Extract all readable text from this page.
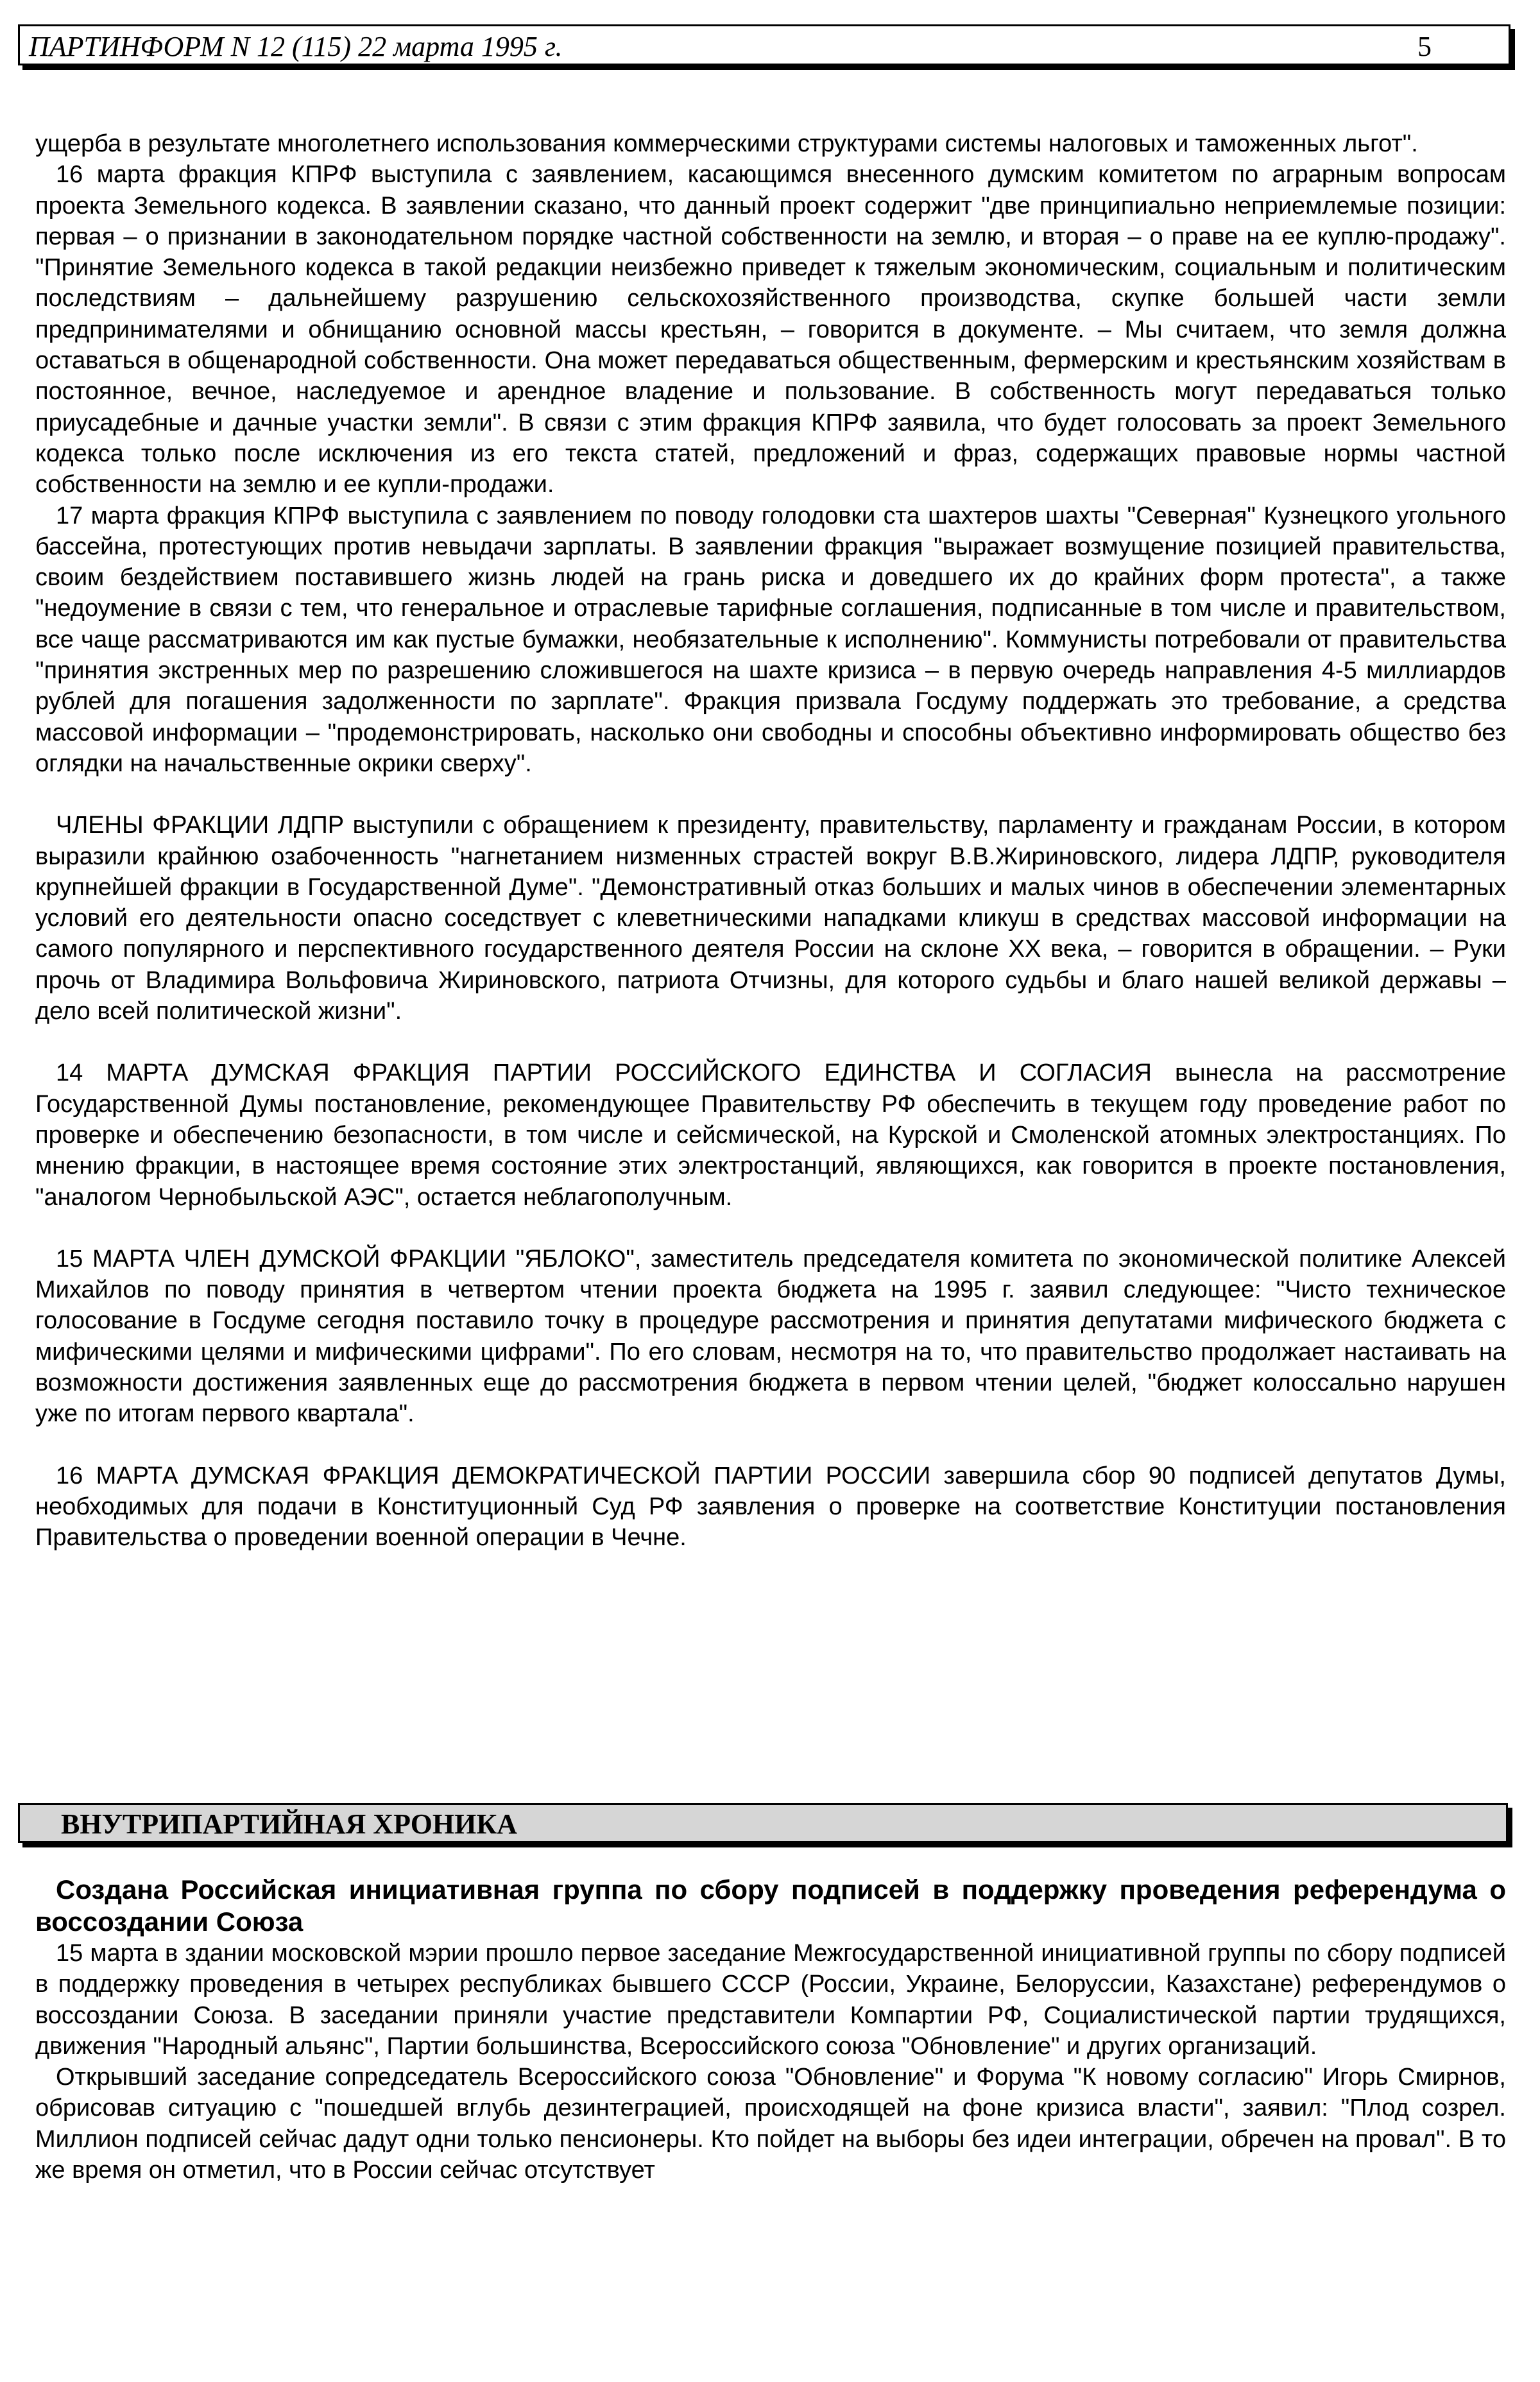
ПАРТИНФОРМ N 12 (115) 22 марта 1995 г.	5

ущерба в результате многолетнего использования коммерческими структурами системы налоговых и таможенных льгот".

16 марта фракция КПРФ выступила с заявлением, касающимся внесенного думским комитетом по аграрным вопросам проекта Земельного кодекса. В заявлении сказано, что данный проект содержит "две принципиально неприемлемые позиции: первая – о признании в законодательном порядке частной собственности на землю, и вторая – о праве на ее куплю-продажу". "Принятие Земельного кодекса в такой редакции неизбежно приведет к тяжелым экономическим, социальным и политическим последствиям – дальнейшему разрушению сельскохозяйственного производства, скупке большей части земли предпринимателями и обнищанию основной массы крестьян, – говорится в документе. – Мы считаем, что земля должна оставаться в общенародной собственности. Она может передаваться общественным, фермерским и крестьянским хозяйствам в постоянное, вечное, наследуемое и арендное владение и пользование. В собственность могут передаваться только приусадебные и дачные участки земли". В связи с этим фракция КПРФ заявила, что будет голосовать за проект Земельного кодекса только после исключения из его текста статей, предложений и фраз, содержащих правовые нормы частной собственности на землю и ее купли-продажи.

17 марта фракция КПРФ выступила с заявлением по поводу голодовки ста шахтеров шахты "Северная" Кузнецкого угольного бассейна, протестующих против невыдачи зарплаты. В заявлении фракция "выражает возмущение позицией правительства, своим бездействием поставившего жизнь людей на грань риска и доведшего их до крайних форм протеста", а также "недоумение в связи с тем, что генеральное и отраслевые тарифные соглашения, подписанные в том числе и правительством, все чаще рассматриваются им как пустые бумажки, необязательные к исполнению". Коммунисты потребовали от правительства "принятия экстренных мер по разрешению сложившегося на шахте кризиса – в первую очередь направления 4-5 миллиардов рублей для погашения задолженности по зарплате". Фракция призвала Госдуму поддержать это требование, а средства массовой информации – "продемонстрировать, насколько они свободны и способны объективно информировать общество без оглядки на начальственные окрики сверху".

ЧЛЕНЫ ФРАКЦИИ ЛДПР выступили с обращением к президенту, правительству, парламенту и гражданам России, в котором выразили крайнюю озабоченность "нагнетанием низменных страстей вокруг В.В.Жириновского, лидера ЛДПР, руководителя крупнейшей фракции в Государственной Думе". "Демонстративный отказ больших и малых чинов в обеспечении элементарных условий его деятельности опасно соседствует с клеветническими нападками кликуш в средствах массовой информации на самого популярного и перспективного государственного деятеля России на склоне XX века, – говорится в обращении. – Руки прочь от Владимира Вольфовича Жириновского, патриота Отчизны, для которого судьбы и благо нашей великой державы – дело всей политической жизни".

14 МАРТА ДУМСКАЯ ФРАКЦИЯ ПАРТИИ РОССИЙСКОГО ЕДИНСТВА И СОГЛАСИЯ вынесла на рассмотрение Государственной Думы постановление, рекомендующее Правительству РФ обеспечить в текущем году проведение работ по проверке и обеспечению безопасности, в том числе и сейсмической, на Курской и Смоленской атомных электростанциях. По мнению фракции, в настоящее время состояние этих электростанций, являющихся, как говорится в проекте постановления, "аналогом Чернобыльской АЭС", остается неблагополучным.

15 МАРТА ЧЛЕН ДУМСКОЙ ФРАКЦИИ "ЯБЛОКО", заместитель председателя комитета по экономической политике Алексей Михайлов по поводу принятия в четвертом чтении проекта бюджета на 1995 г. заявил следующее: "Чисто техническое голосование в Госдуме сегодня поставило точку в процедуре рассмотрения и принятия депутатами мифического бюджета с мифическими целями и мифическими цифрами". По его словам, несмотря на то, что правительство продолжает настаивать на возможности достижения заявленных еще до рассмотрения бюджета в первом чтении целей, "бюджет колоссально нарушен уже по итогам первого квартала".

16 МАРТА ДУМСКАЯ ФРАКЦИЯ ДЕМОКРАТИЧЕСКОЙ ПАРТИИ РОССИИ завершила сбор 90 подписей депутатов Думы, необходимых для подачи в Конституционный Суд РФ заявления о проверке на соответствие Конституции постановления Правительства о проведении военной операции в Чечне.

ВНУТРИПАРТИЙНАЯ ХРОНИКА
Создана Российская инициативная группа по сбору подписей в поддержку проведения референдума о воссоздании Союза

15 марта в здании московской мэрии прошло первое заседание Межгосударственной инициативной группы по сбору подписей в поддержку проведения в четырех республиках бывшего СССР (России, Украине, Белоруссии, Казахстане) референдумов о воссоздании Союза. В заседании приняли участие представители Компартии РФ, Социалистической партии трудящихся, движения "Народный альянс", Партии большинства, Всероссийского союза "Обновление" и других организаций.

Открывший заседание сопредседатель Всероссийского союза "Обновление" и Форума "К новому согласию" Игорь Смирнов, обрисовав ситуацию с "пошедшей вглубь дезинтеграцией, происходящей на фоне кризиса власти", заявил: "Плод созрел. Миллион подписей сейчас дадут одни только пенсионеры. Кто пойдет на выборы без идеи интеграции, обречен на провал". В то же время он отметил, что в России сейчас отсутствует
